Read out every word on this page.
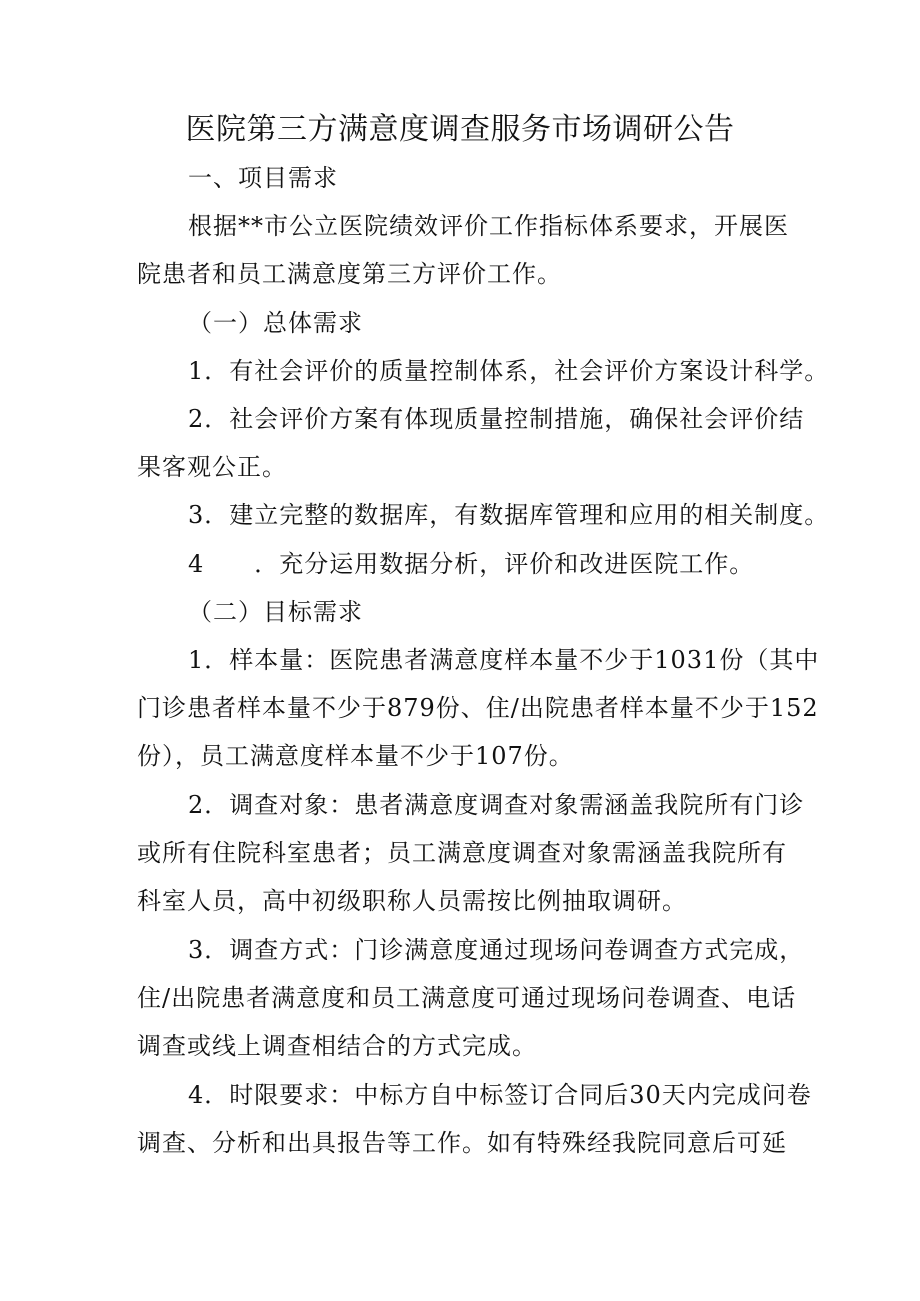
医院第三方满意度调查服务市场调研公告
一、项目需求
根据**市公立医院绩效评价工作指标体系要求，开展医
院患者和员工满意度第三方评价工作。
（一）总体需求
1．有社会评价的质量控制体系，社会评价方案设计科学。
2．社会评价方案有体现质量控制措施，确保社会评价结
果客观公正。
3．建立完整的数据库，有数据库管理和应用的相关制度。
4　　．充分运用数据分析，评价和改进医院工作。
（二）目标需求
1．样本量：医院患者满意度样本量不少于1031份（其中
门诊患者样本量不少于879份、住/出院患者样本量不少于152
份），员工满意度样本量不少于107份。
2．调查对象：患者满意度调查对象需涵盖我院所有门诊
或所有住院科室患者；员工满意度调查对象需涵盖我院所有
科室人员，高中初级职称人员需按比例抽取调研。
3．调查方式：门诊满意度通过现场问卷调查方式完成，
住/出院患者满意度和员工满意度可通过现场问卷调查、电话
调查或线上调查相结合的方式完成。
4．时限要求：中标方自中标签订合同后30天内完成问卷
调查、分析和出具报告等工作。如有特殊经我院同意后可延
